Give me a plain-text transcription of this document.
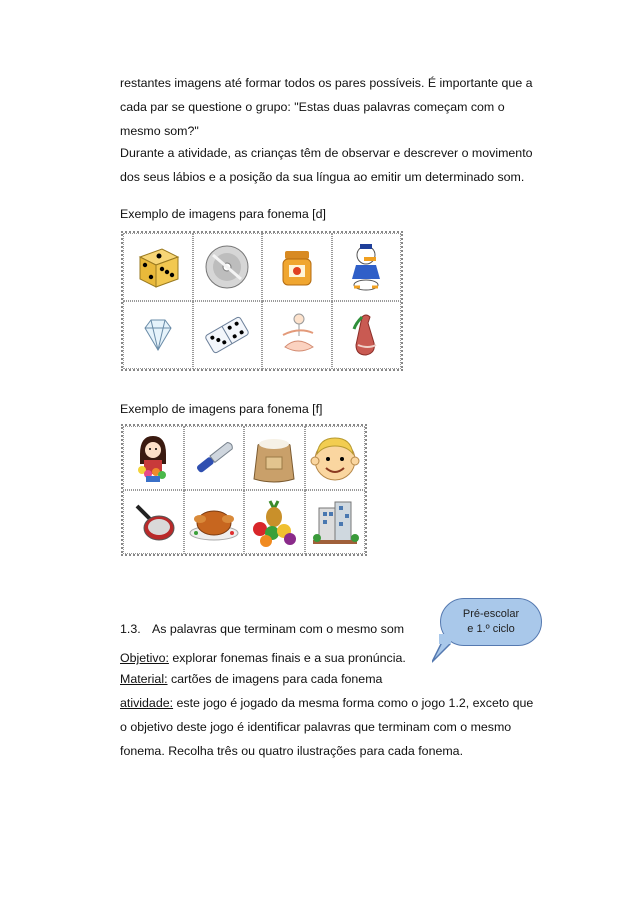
restantes imagens até formar todos os pares possíveis. É importante que a

cada par se questione o grupo: "Estas duas palavras começam com o

mesmo som?"

Durante a atividade, as crianças têm de observar e descrever o movimento

dos seus lábios e a posição da sua língua ao emitir um determinado som.

Exemplo de imagens para fonema [d]

Exemplo de imagens para fonema [f]

1.3. As palavras que terminam com o mesmo som
Pré-escolar
e 1.º ciclo

Objetivo: explorar fonemas finais e a sua pronúncia.

Material: cartões de imagens para cada fonema

atividade: este jogo é jogado da mesma forma como o jogo 1.2, exceto que

o objetivo deste jogo é identificar palavras que terminam com o mesmo

fonema. Recolha três ou quatro ilustrações para cada fonema.
